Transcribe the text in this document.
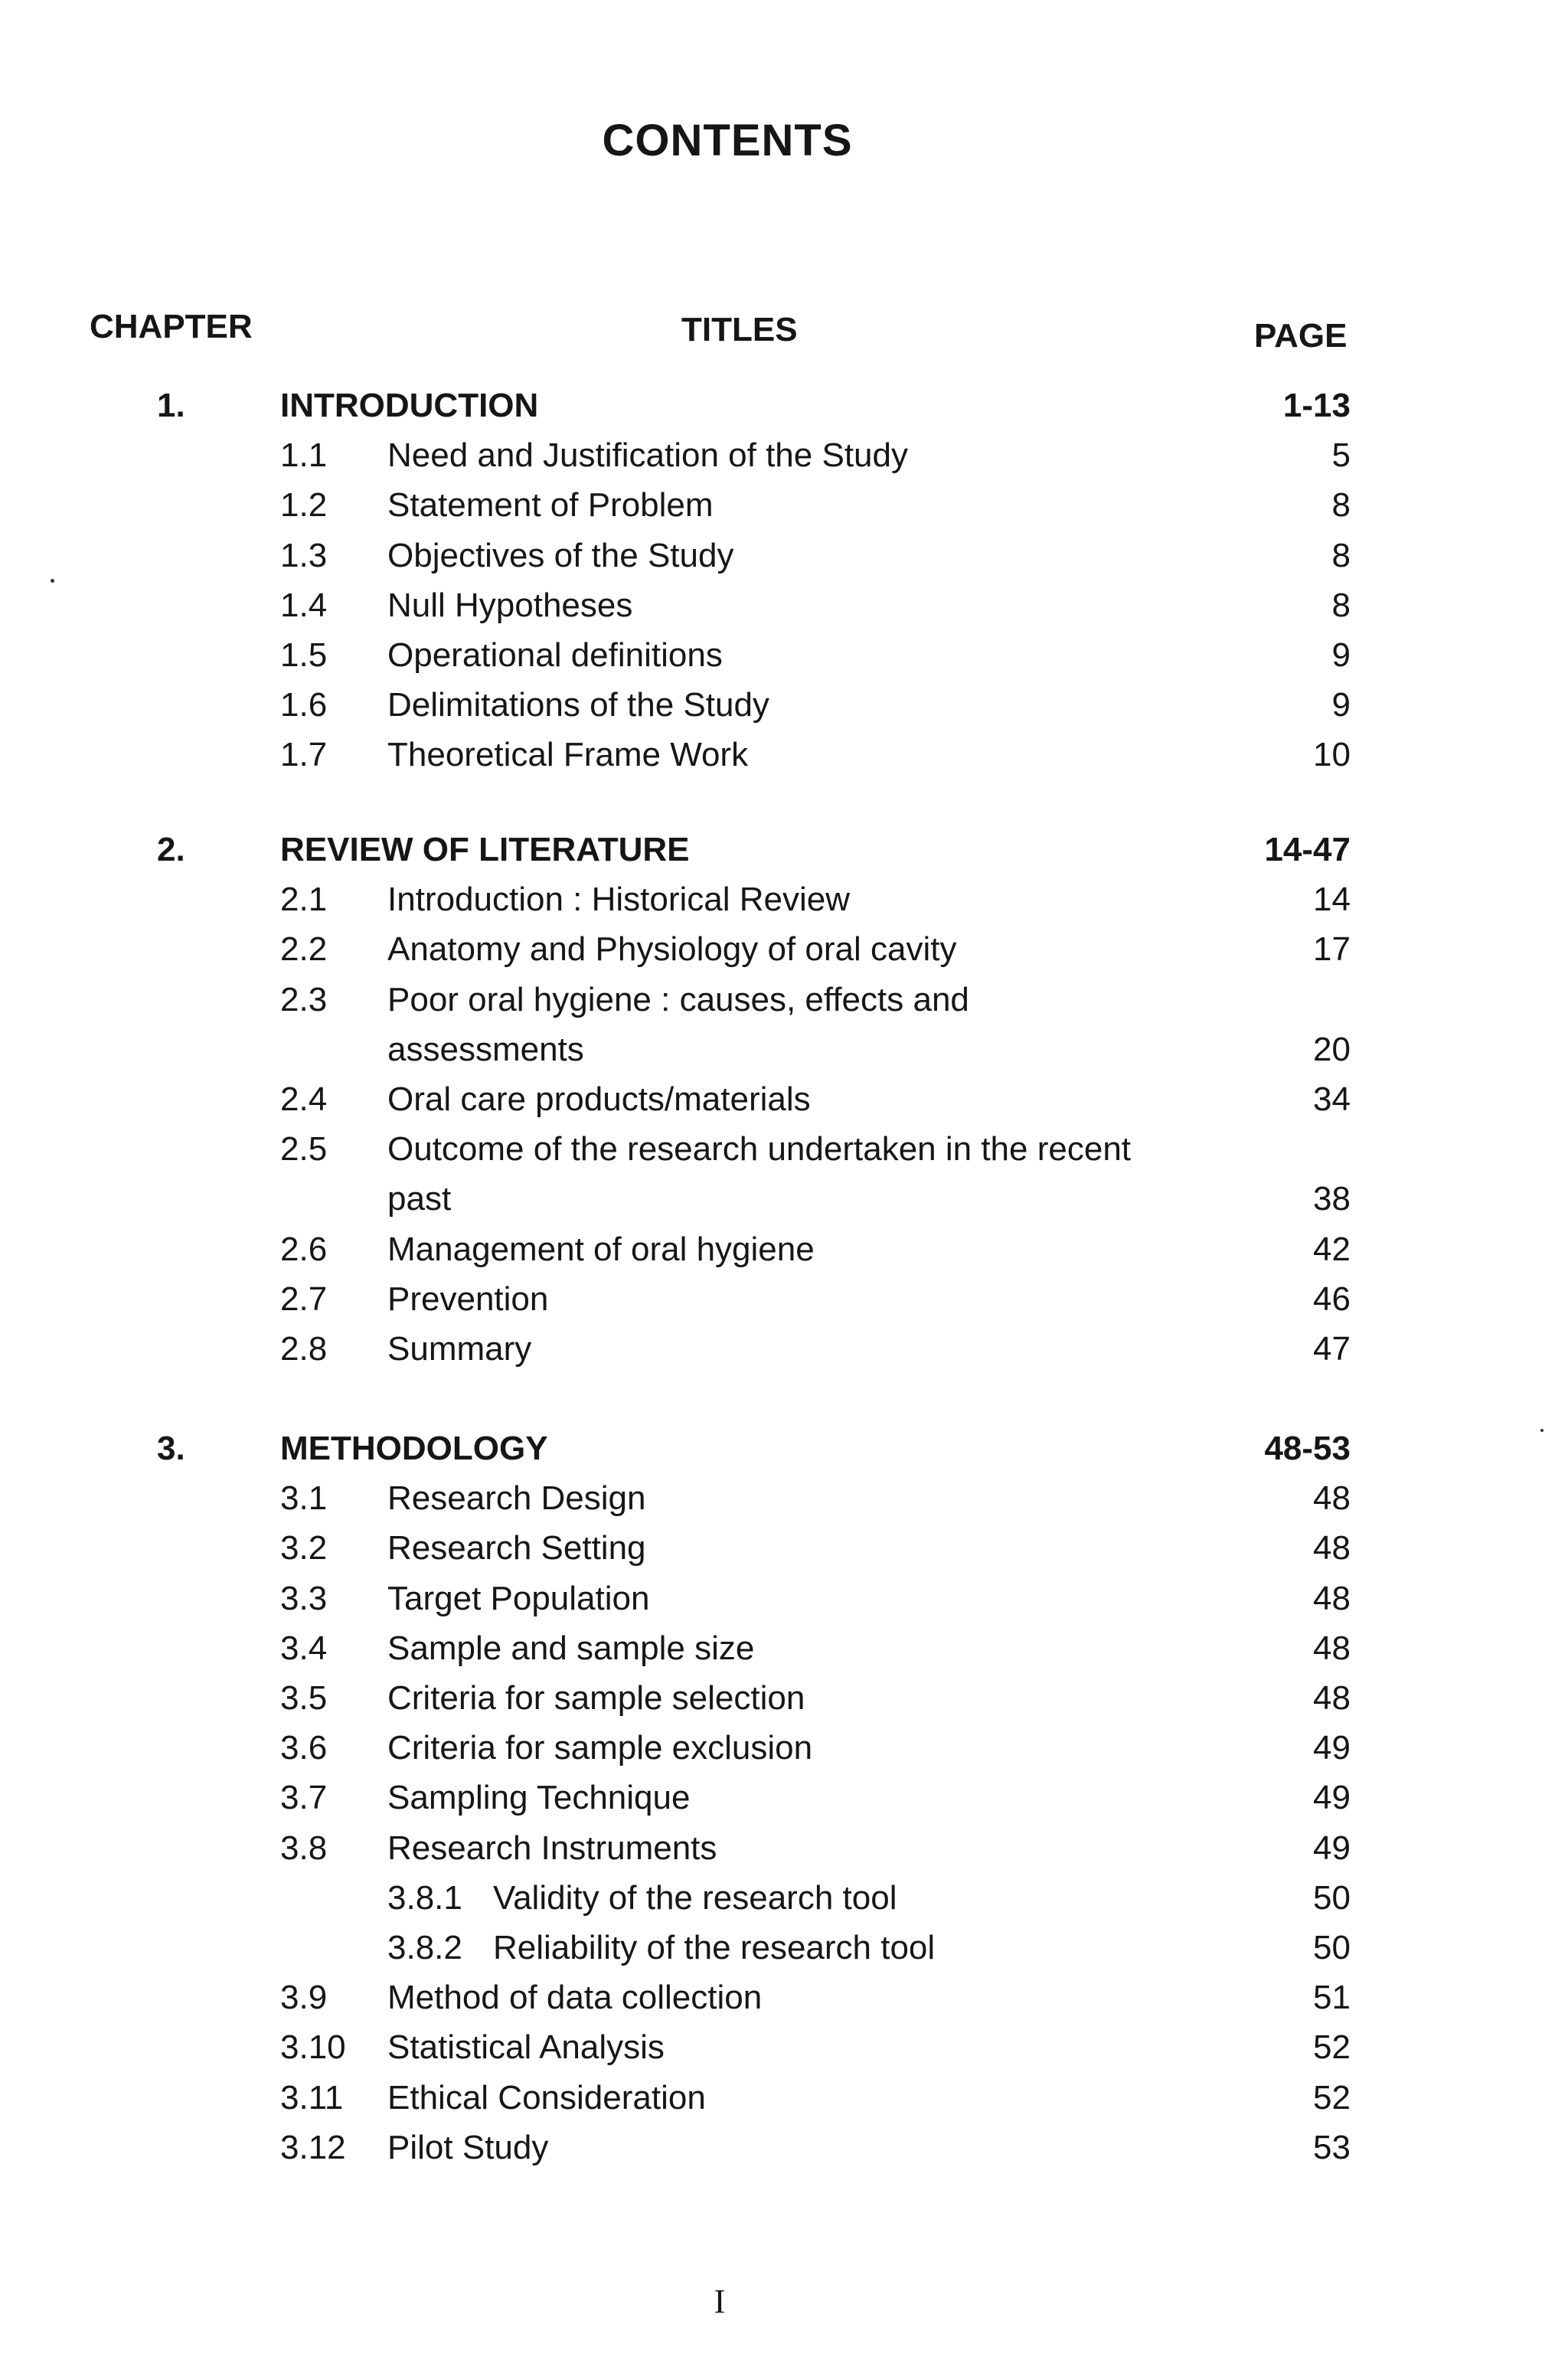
CONTENTS
CHAPTER	TITLES	PAGE
1.	INTRODUCTION	1-13
1.1 Need and Justification of the Study	5
1.2 Statement of Problem	8
1.3 Objectives of the Study	8
1.4 Null Hypotheses	8
1.5 Operational definitions	9
1.6 Delimitations of the Study	9
1.7 Theoretical Frame Work	10
2.	REVIEW OF LITERATURE	14-47
2.1 Introduction : Historical Review	14
2.2 Anatomy and Physiology of oral cavity	17
2.3 Poor oral hygiene : causes, effects and
assessments	20
2.4 Oral care products/materials	34
2.5 Outcome of the research undertaken in the recent
past	38
2.6 Management of oral hygiene	42
2.7 Prevention	46
2.8 Summary	47
3.	METHODOLOGY	48-53
3.1 Research Design	48
3.2 Research Setting	48
3.3 Target Population	48
3.4 Sample and sample size	48
3.5 Criteria for sample selection	48
3.6 Criteria for sample exclusion	49
3.7 Sampling Technique	49
3.8 Research Instruments	49
3.8.1 Validity of the research tool	50
3.8.2 Reliability of the research tool	50
3.9 Method of data collection	51
3.10 Statistical Analysis	52
3.11 Ethical Consideration	52
3.12 Pilot Study	53
I
